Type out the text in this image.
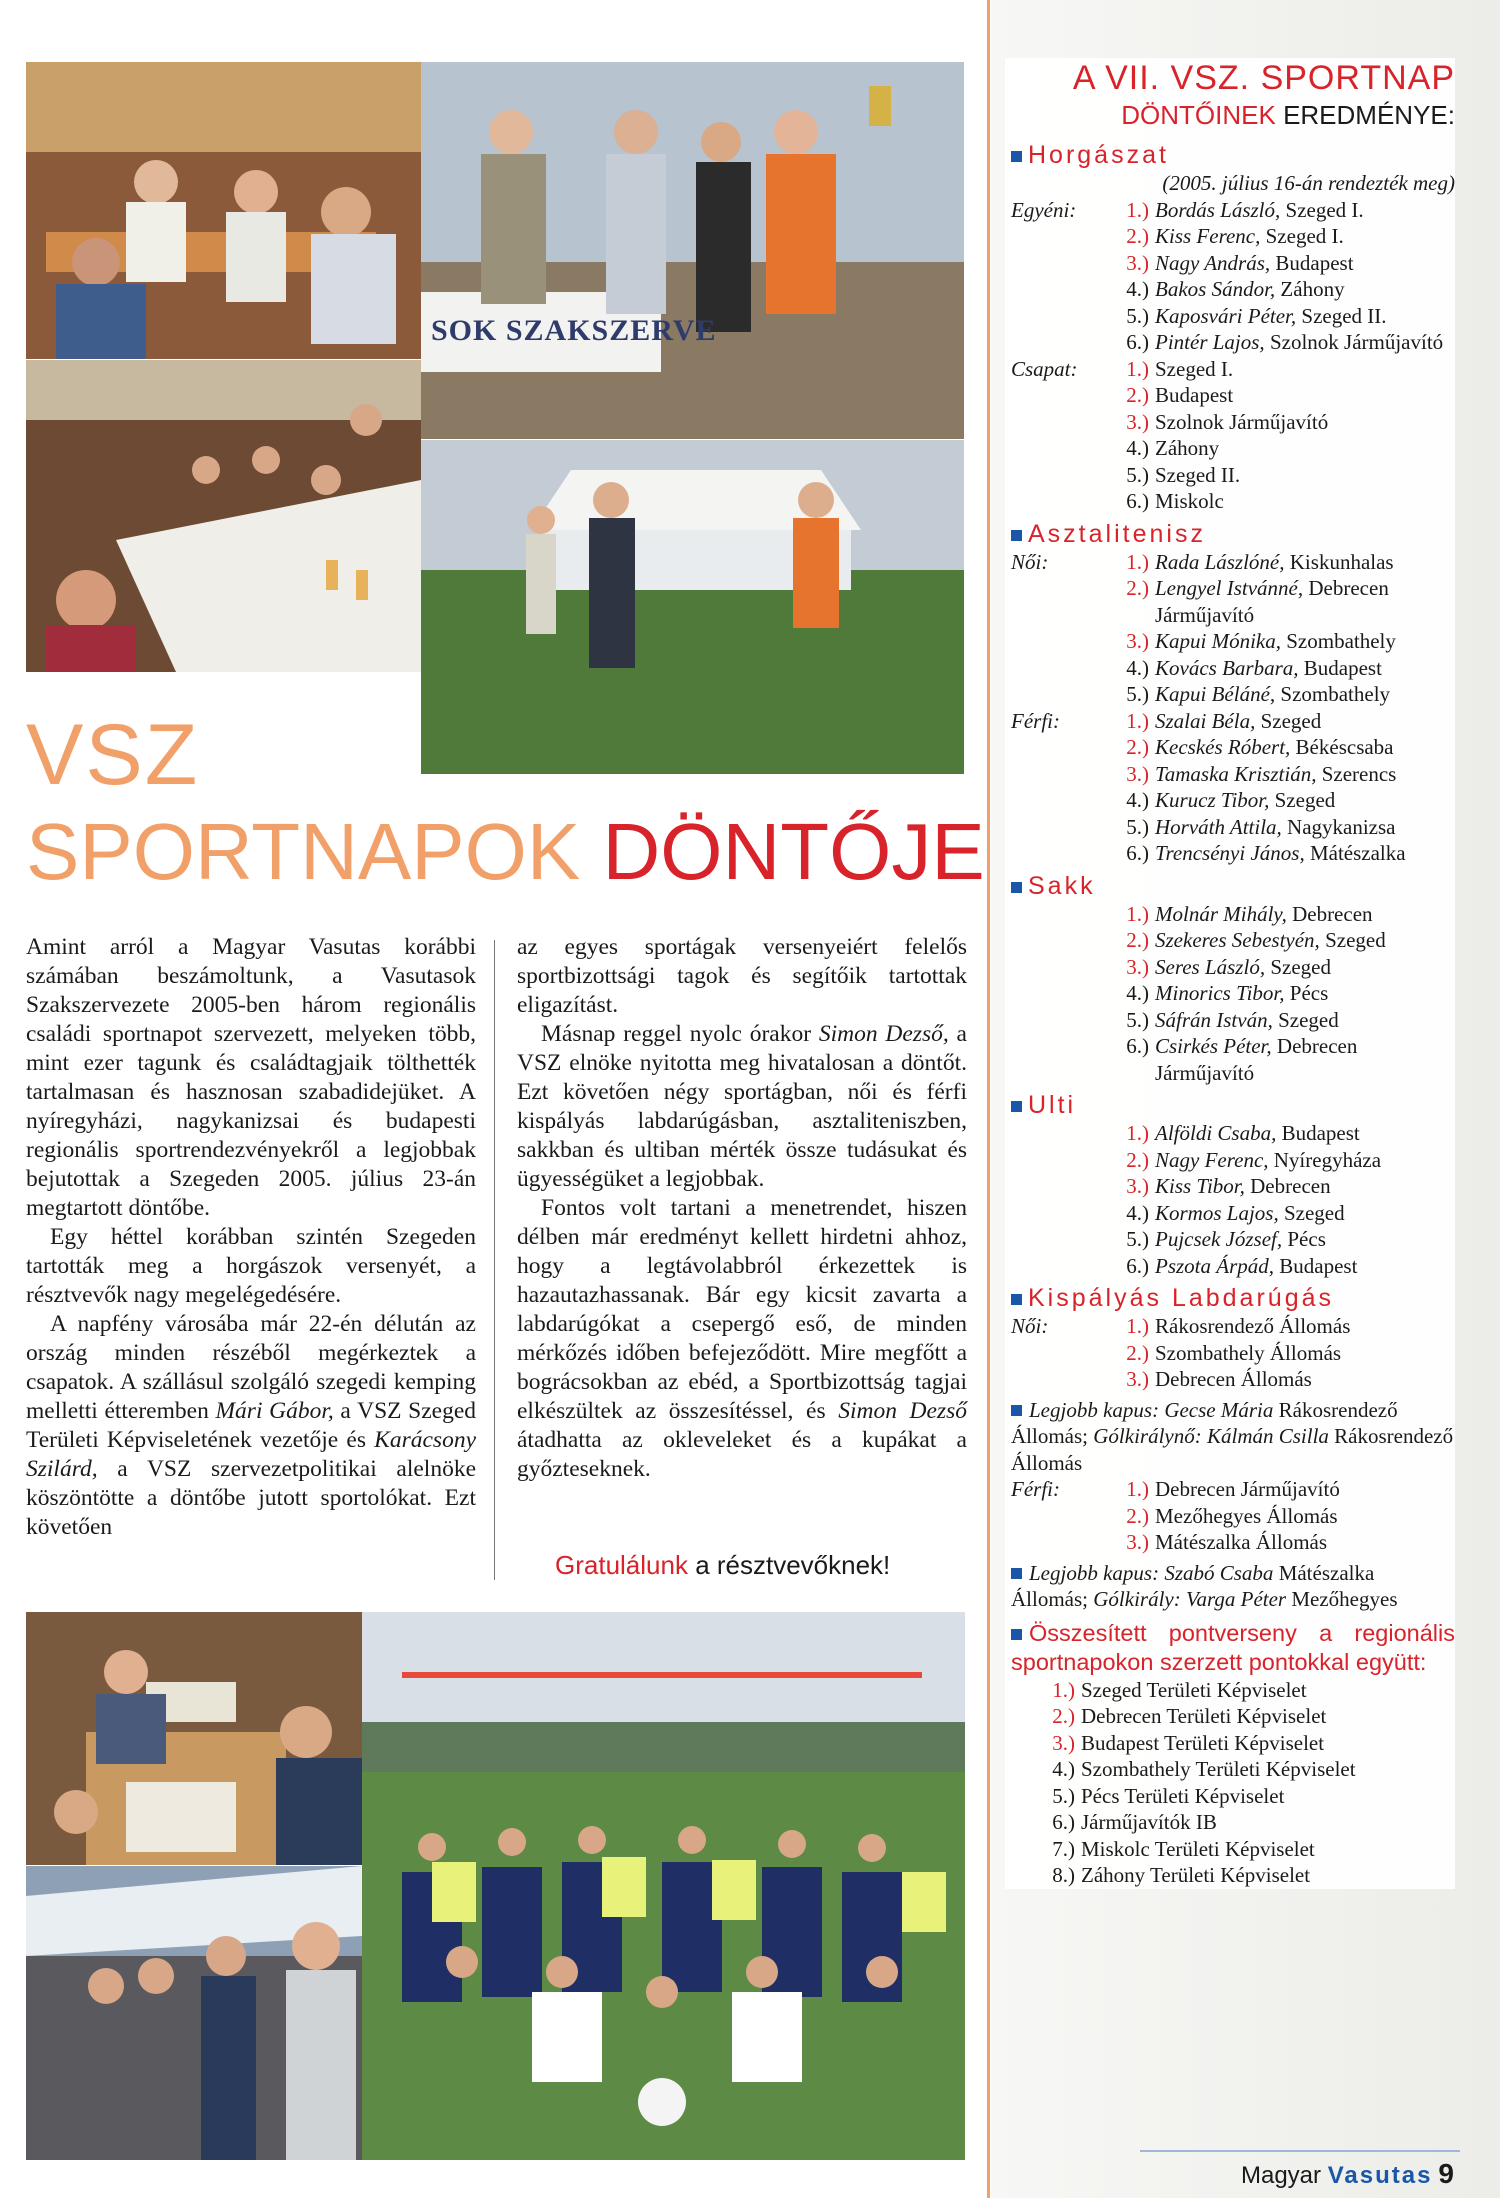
SOK SZAKSZERVE
VSZ
SPORTNAPOK DÖNTŐJE

Amint arról a Magyar Vasutas korábbi számában beszámoltunk, a Vasutasok Szakszervezete 2005-ben három regionális családi sportnapot szervezett, melyeken több, mint ezer tagunk és családtagjaik tölthették tartalmasan és hasznosan szabadidejüket. A nyíregyházi, nagykanizsai és budapesti regionális sportrendezvényekről a legjobbak bejutottak a Szegeden 2005. július 23-án megtartott döntőbe.

Egy héttel korábban szintén Szegeden tartották meg a horgászok versenyét, a résztvevők nagy megelégedésére.

A napfény városába már 22-én délután az ország minden részéből megérkeztek a csapatok. A szállásul szolgáló szegedi kemping melletti étteremben Mári Gábor, a VSZ Szeged Területi Képviseletének vezetője és Karácsony Szilárd, a VSZ szervezetpolitikai alelnöke köszöntötte a döntőbe jutott sportolókat. Ezt követően

az egyes sportágak versenyeiért felelős sportbizottsági tagok és segítőik tartottak eligazítást.

Másnap reggel nyolc órakor Simon Dezső, a VSZ elnöke nyitotta meg hivatalosan a döntőt. Ezt követően négy sportágban, női és férfi kispályás labdarúgásban, asztaliteniszben, sakkban és ultiban mérték össze tudásukat és ügyességüket a legjobbak.

Fontos volt tartani a menetrendet, hiszen délben már eredményt kellett hirdetni ahhoz, hogy a legtávolabbról érkezettek is hazautazhassanak. Bár egy kicsit zavarta a labdarúgókat a csepergő eső, de minden mérkőzés időben befejeződött. Mire megfőtt a bográcsokban az ebéd, a Sportbizottság tagjai elkészültek az összesítéssel, és Simon Dezső átadhatta az okleveleket és a kupákat a győzteseknek.

Gratulálunk a résztvevőknek!
A VII. VSZ. SPORTNAP
DÖNTŐINEK EREDMÉNYE:
Horgászat
(2005. július 16-án rendezték meg)
Egyéni:	1.) Bordás László, Szeged I.
2.) Kiss Ferenc, Szeged I.
3.) Nagy András, Budapest
4.) Bakos Sándor, Záhony
5.) Kaposvári Péter, Szeged II.
6.) Pintér Lajos, Szolnok Járműjavító
Csapat:	1.) Szeged I.
2.) Budapest
3.) Szolnok Járműjavító
4.) Záhony
5.) Szeged II.
6.) Miskolc
Asztalitenisz
Női:	1.) Rada Lászlóné, Kiskunhalas
2.) Lengyel Istvánné, Debrecen Járműjavító
3.) Kapui Mónika, Szombathely
4.) Kovács Barbara, Budapest
5.) Kapui Béláné, Szombathely
Férfi:	1.) Szalai Béla, Szeged
2.) Kecskés Róbert, Békéscsaba
3.) Tamaska Krisztián, Szerencs
4.) Kurucz Tibor, Szeged
5.) Horváth Attila, Nagykanizsa
6.) Trencsényi János, Mátészalka
Sakk
1.) Molnár Mihály, Debrecen
2.) Szekeres Sebestyén, Szeged
3.) Seres László, Szeged
4.) Minorics Tibor, Pécs
5.) Sáfrán István, Szeged
6.) Csirkés Péter, Debrecen Járműjavító
Ulti
1.) Alföldi Csaba, Budapest
2.) Nagy Ferenc, Nyíregyháza
3.) Kiss Tibor, Debrecen
4.) Kormos Lajos, Szeged
5.) Pujcsek József, Pécs
6.) Pszota Árpád, Budapest
Kispályás Labdarúgás
Női:	1.) Rákosrendező Állomás
2.) Szombathely Állomás
3.) Debrecen Állomás
Legjobb kapus: Gecse Mária Rákosrendező Állomás; Gólkirálynő: Kálmán Csilla Rákosrendező Állomás
Férfi:	1.) Debrecen Járműjavító
2.) Mezőhegyes Állomás
3.) Mátészalka Állomás
Legjobb kapus: Szabó Csaba Mátészalka Állomás; Gólkirály: Varga Péter Mezőhegyes
Összesített pontverseny a regionális sportnapokon szerzett pontokkal együtt:
1.) Szeged Területi Képviselet
2.) Debrecen Területi Képviselet
3.) Budapest Területi Képviselet
4.) Szombathely Területi Képviselet
5.) Pécs Területi Képviselet
6.) Járműjavítók IB
7.) Miskolc Területi Képviselet
8.) Záhony Területi Képviselet
Magyar Vasutas 9
